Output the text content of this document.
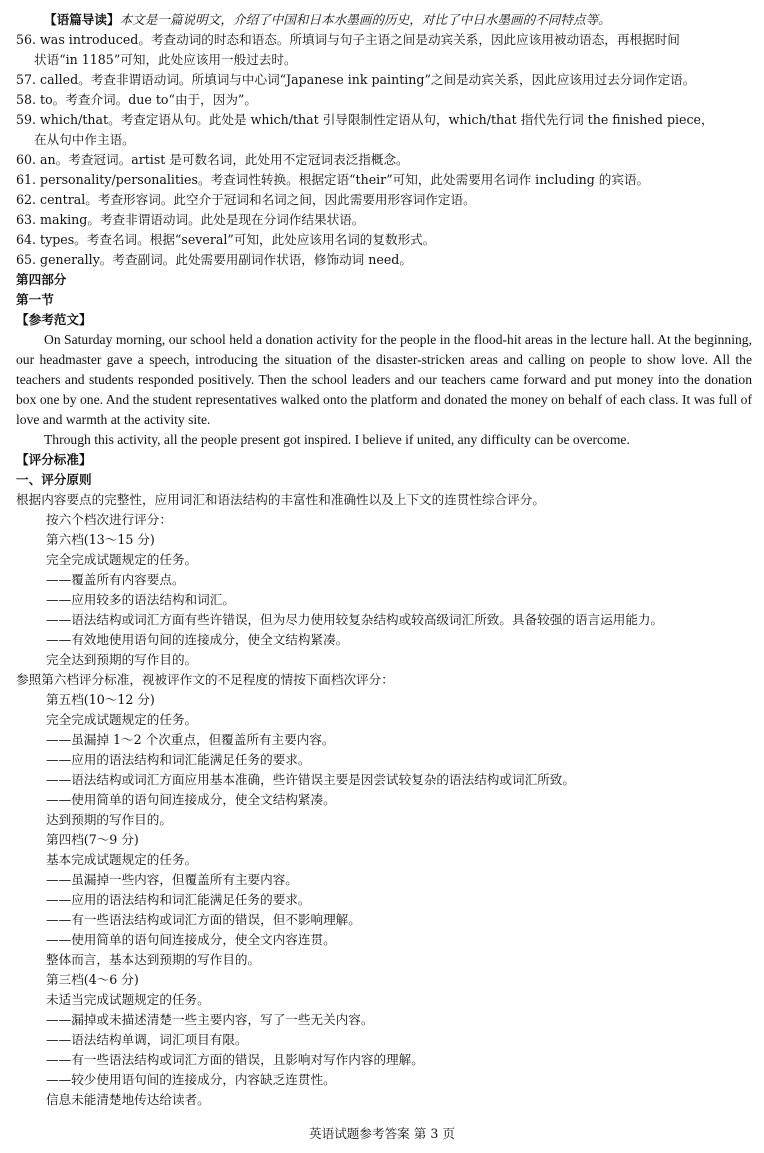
【语篇导读】本文是一篇说明文，介绍了中国和日本水墨画的历史，对比了中日水墨画的不同特点等。
56. was introduced。考查动词的时态和语态。所填词与句子主语之间是动宾关系，因此应该用被动语态，再根据时间
状语“in 1185”可知，此处应该用一般过去时。
57. called。考查非谓语动词。所填词与中心词“Japanese ink painting”之间是动宾关系，因此应该用过去分词作定语。
58. to。考查介词。due to“由于，因为”。
59. which/that。考查定语从句。此处是 which/that 引导限制性定语从句，which/that 指代先行词 the finished piece，
在从句中作主语。
60. an。考查冠词。artist 是可数名词，此处用不定冠词表泛指概念。
61. personality/personalities。考查词性转换。根据定语“their”可知，此处需要用名词作 including 的宾语。
62. central。考查形容词。此空介于冠词和名词之间，因此需要用形容词作定语。
63. making。考查非谓语动词。此处是现在分词作结果状语。
64. types。考查名词。根据“several”可知，此处应该用名词的复数形式。
65. generally。考查副词。此处需要用副词作状语，修饰动词 need。
第四部分
第一节
【参考范文】

On Saturday morning, our school held a donation activity for the people in the flood-hit areas in the lecture hall. At the beginning, our headmaster gave a speech, introducing the situation of the disaster-stricken areas and calling on people to show love. All the teachers and students responded positively. Then the school leaders and our teachers came forward and put money into the donation box one by one. And the student representatives walked onto the platform and donated the money on behalf of each class. It was full of love and warmth at the activity site.

Through this activity, all the people present got inspired. I believe if united, any difficulty can be overcome.

【评分标准】
一、评分原则
根据内容要点的完整性，应用词汇和语法结构的丰富性和准确性以及上下文的连贯性综合评分。
按六个档次进行评分：
第六档(13～15 分)
完全完成试题规定的任务。
——覆盖所有内容要点。
——应用较多的语法结构和词汇。
——语法结构或词汇方面有些许错误，但为尽力使用较复杂结构或较高级词汇所致。具备较强的语言运用能力。
——有效地使用语句间的连接成分，使全文结构紧凑。
完全达到预期的写作目的。
参照第六档评分标准，视被评作文的不足程度的情按下面档次评分：
第五档(10～12 分)
完全完成试题规定的任务。
——虽漏掉 1～2 个次重点，但覆盖所有主要内容。
——应用的语法结构和词汇能满足任务的要求。
——语法结构或词汇方面应用基本准确，些许错误主要是因尝试较复杂的语法结构或词汇所致。
——使用简单的语句间连接成分，使全文结构紧凑。
达到预期的写作目的。
第四档(7～9 分)
基本完成试题规定的任务。
——虽漏掉一些内容，但覆盖所有主要内容。
——应用的语法结构和词汇能满足任务的要求。
——有一些语法结构或词汇方面的错误，但不影响理解。
——使用简单的语句间连接成分，使全文内容连贯。
整体而言，基本达到预期的写作目的。
第三档(4～6 分)
未适当完成试题规定的任务。
——漏掉或未描述清楚一些主要内容，写了一些无关内容。
——语法结构单调，词汇项目有限。
——有一些语法结构或词汇方面的错误，且影响对写作内容的理解。
——较少使用语句间的连接成分，内容缺乏连贯性。
信息未能清楚地传达给读者。
英语试题参考答案 第 3 页
